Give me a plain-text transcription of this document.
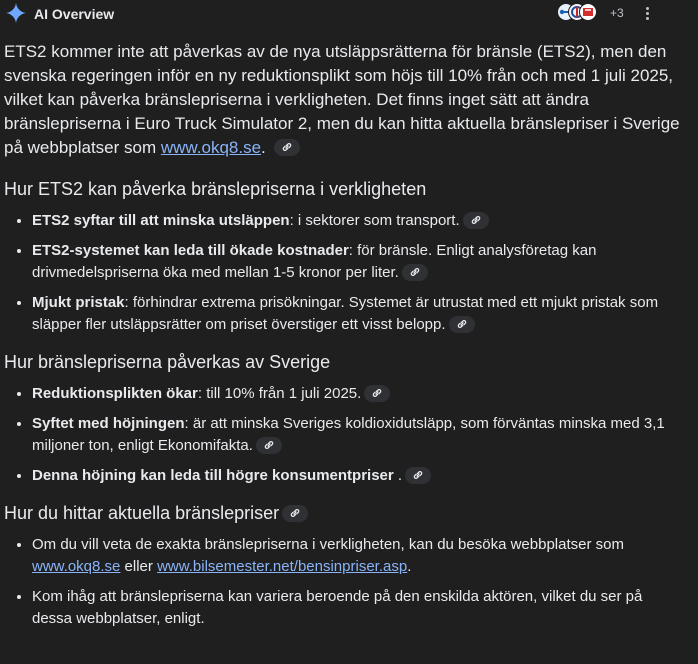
AI Overview	+3

ETS2 kommer inte att påverkas av de nya utsläppsrätterna för bränsle (ETS2), men den svenska regeringen inför en ny reduktionsplikt som höjs till 10% från och med 1 juli 2025, vilket kan påverka bränslepriserna i verkligheten. Det finns inget sätt att ändra bränslepriserna i Euro Truck Simulator 2, men du kan hitta aktuella bränslepriser i Sverige på webbplatser som www.okq8.se.

Hur ETS2 kan påverka bränslepriserna i verkligheten
• ETS2 syftar till att minska utsläppen: i sektorer som transport.
• ETS2-systemet kan leda till ökade kostnader: för bränsle. Enligt analysföretag kan drivmedelspriserna öka med mellan 1-5 kronor per liter.
• Mjukt pristak: förhindrar extrema prisökningar. Systemet är utrustat med ett mjukt pristak som släpper fler utsläppsrätter om priset överstiger ett visst belopp.
Hur bränslepriserna påverkas av Sverige
• Reduktionsplikten ökar: till 10% från 1 juli 2025.
• Syftet med höjningen: är att minska Sveriges koldioxidutsläpp, som förväntas minska med 3,1 miljoner ton, enligt Ekonomifakta.
• Denna höjning kan leda till högre konsumentpriser .
Hur du hittar aktuella bränslepriser
• Om du vill veta de exakta bränslepriserna i verkligheten, kan du besöka webbplatser som www.okq8.se eller www.bilsemester.net/bensinpriser.asp.
• Kom ihåg att bränslepriserna kan variera beroende på den enskilda aktören, vilket du ser på dessa webbplatser, enligt.
